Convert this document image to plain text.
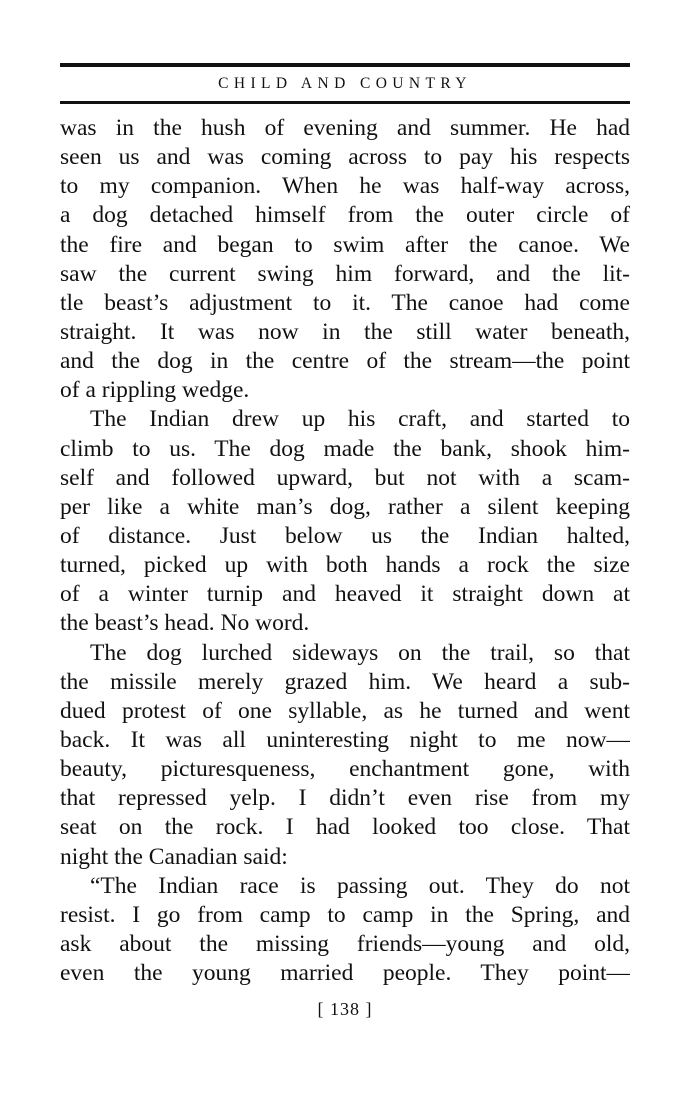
CHILD AND COUNTRY
was in the hush of evening and summer. He had
seen us and was coming across to pay his respects
to my companion. When he was half-way across,
a dog detached himself from the outer circle of
the fire and began to swim after the canoe. We
saw the current swing him forward, and the lit-
tle beast’s adjustment to it. The canoe had come
straight. It was now in the still water beneath,
and the dog in the centre of the stream—the point
of a rippling wedge.
The Indian drew up his craft, and started to
climb to us. The dog made the bank, shook him-
self and followed upward, but not with a scam-
per like a white man’s dog, rather a silent keeping
of distance. Just below us the Indian halted,
turned, picked up with both hands a rock the size
of a winter turnip and heaved it straight down at
the beast’s head. No word.
The dog lurched sideways on the trail, so that
the missile merely grazed him. We heard a sub-
dued protest of one syllable, as he turned and went
back. It was all uninteresting night to me now—
beauty, picturesqueness, enchantment gone, with
that repressed yelp. I didn’t even rise from my
seat on the rock. I had looked too close. That
night the Canadian said:
“The Indian race is passing out. They do not
resist. I go from camp to camp in the Spring, and
ask about the missing friends—young and old,
even the young married people. They point—
[ 138 ]
